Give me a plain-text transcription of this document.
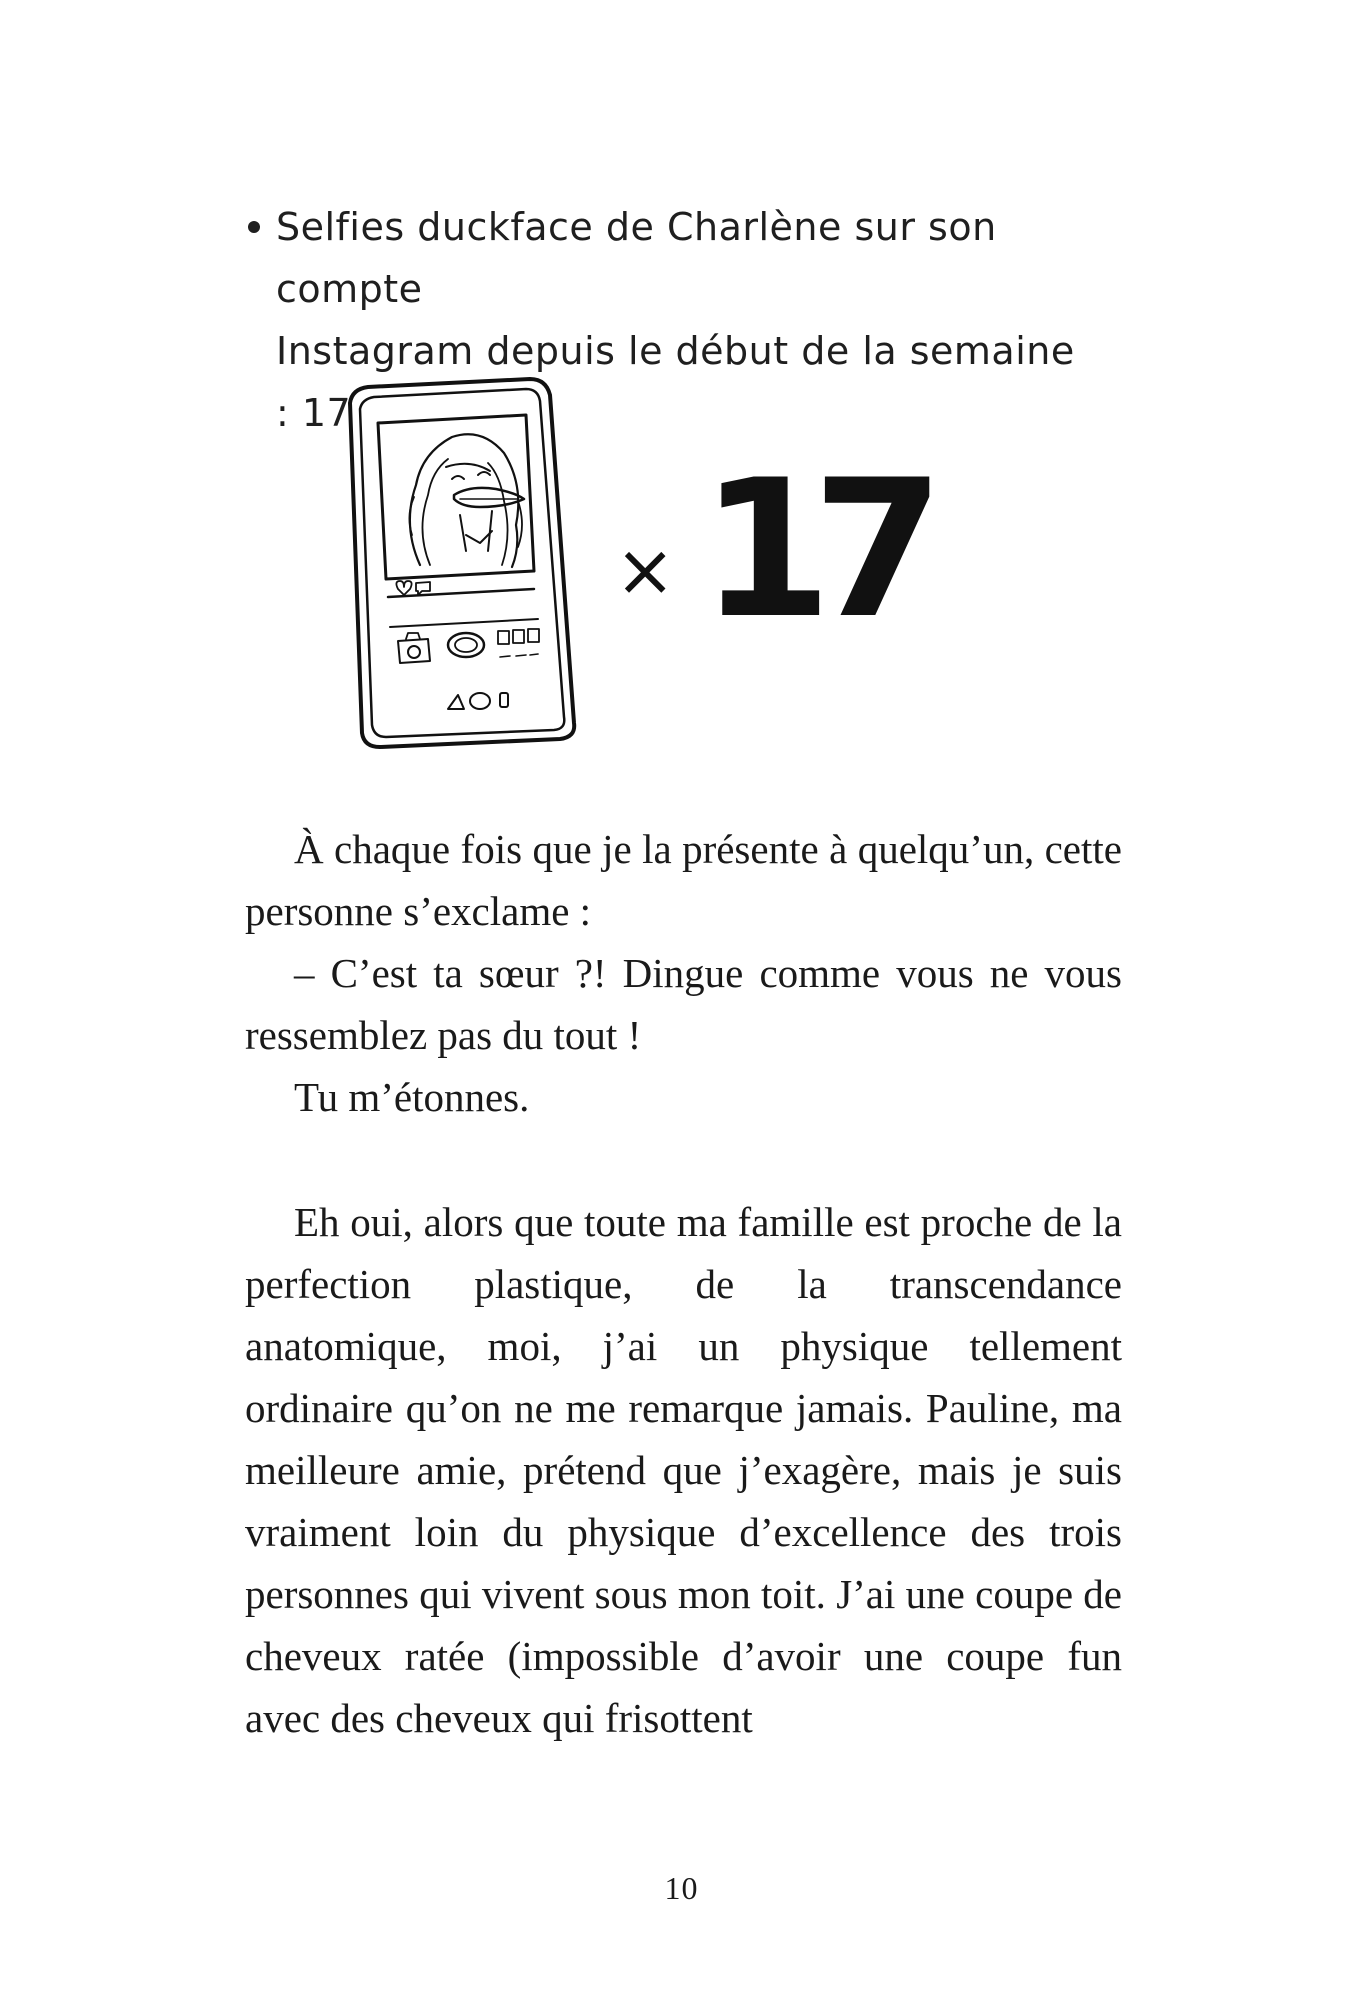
Selfies duckface de Charlène sur son compte
Instagram depuis le début de la semaine : 17
× 17

À chaque fois que je la présente à quelqu’un, cette personne s’exclame :

– C’est ta sœur ?! Dingue comme vous ne vous ressemblez pas du tout !

Tu m’étonnes.

Eh oui, alors que toute ma famille est proche de la perfection plastique, de la transcendance anatomique, moi, j’ai un physique tellement ordinaire qu’on ne me remarque jamais. Pauline, ma meilleure amie, prétend que j’exagère, mais je suis vraiment loin du physique d’excellence des trois personnes qui vivent sous mon toit. J’ai une coupe de cheveux ratée (impossible d’avoir une coupe fun avec des cheveux qui frisottent

10
